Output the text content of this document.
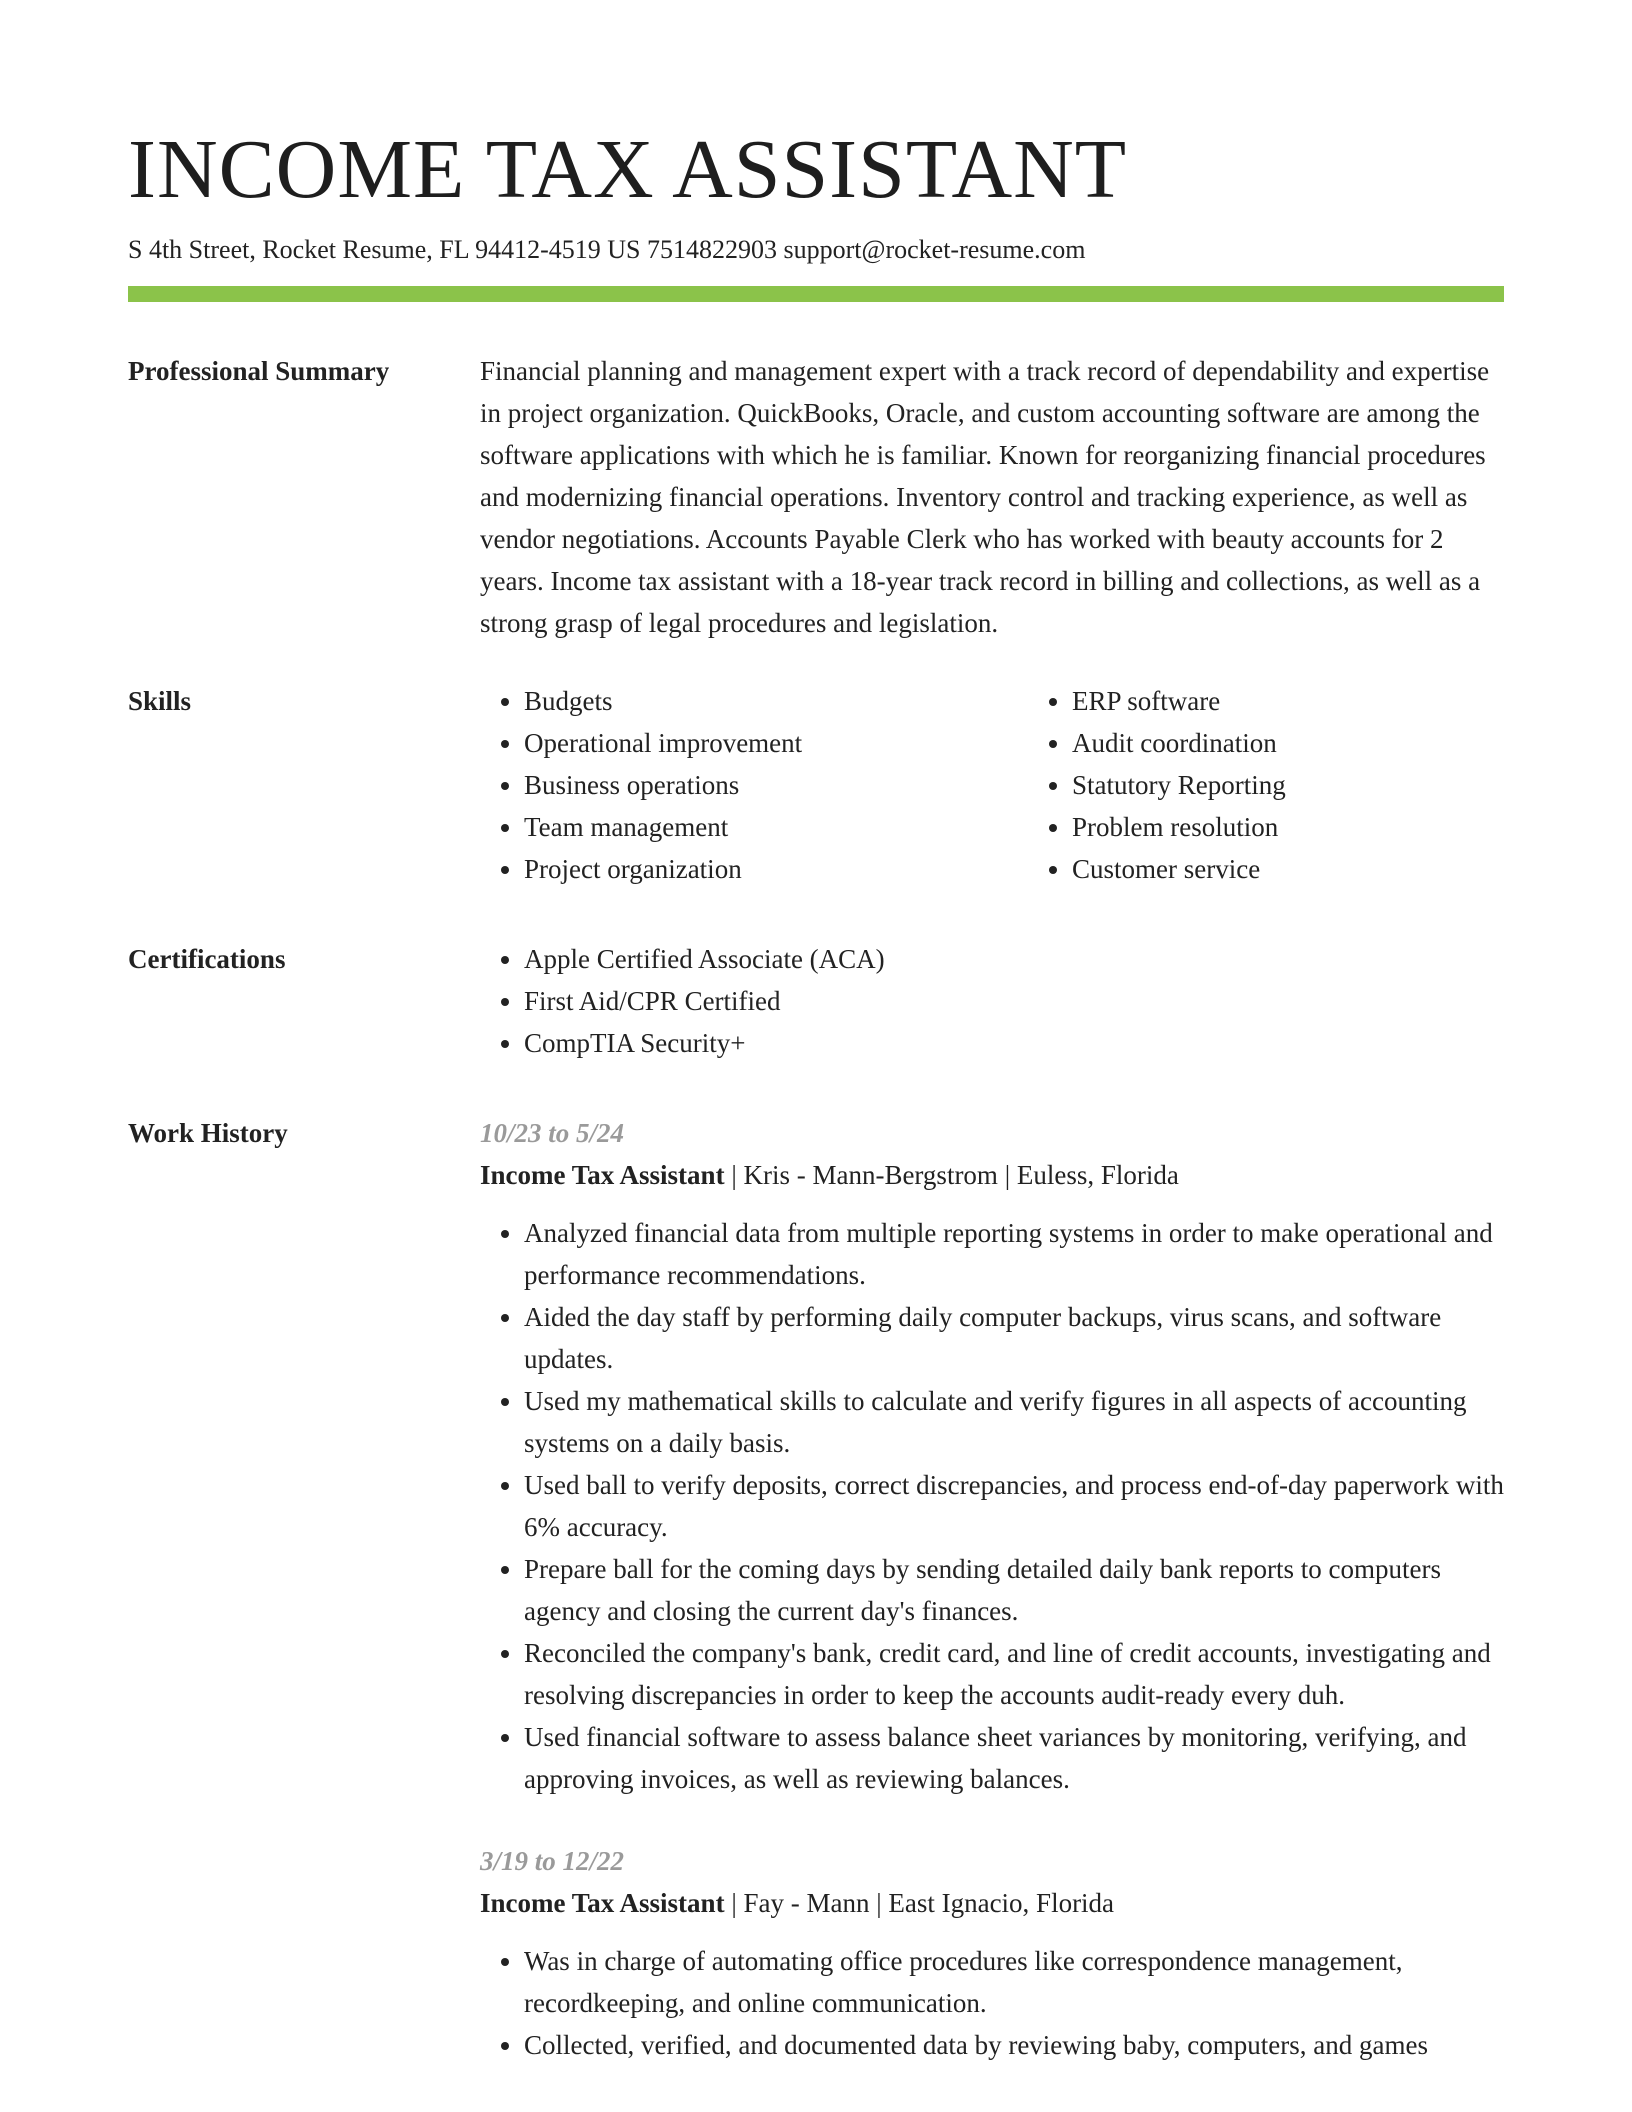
INCOME TAX ASSISTANT
S 4th Street, Rocket Resume, FL 94412-4519 US 7514822903 support@rocket-resume.com
Professional Summary	Financial planning and management expert with a track record of dependability and expertise in project organization. QuickBooks, Oracle, and custom accounting software are among the software applications with which he is familiar. Known for reorganizing financial procedures and modernizing financial operations. Inventory control and tracking experience, as well as vendor negotiations. Accounts Payable Clerk who has worked with beauty accounts for 2 years. Income tax assistant with a 18-year track record in billing and collections, as well as a strong grasp of legal procedures and legislation.

Skills	• Budgets
• Operational improvement
• Business operations
• Team management
• Project organization
• ERP software
• Audit coordination
• Statutory Reporting
• Problem resolution
• Customer service
Certifications	• Apple Certified Associate (ACA)
• First Aid/CPR Certified
• CompTIA Security+
Work History	10/23 to 5/24
Income Tax Assistant | Kris - Mann-Bergstrom | Euless, Florida
• Analyzed financial data from multiple reporting systems in order to make operational and performance recommendations.
• Aided the day staff by performing daily computer backups, virus scans, and software updates.
• Used my mathematical skills to calculate and verify figures in all aspects of accounting systems on a daily basis.
• Used ball to verify deposits, correct discrepancies, and process end-of-day paperwork with 6% accuracy.
• Prepare ball for the coming days by sending detailed daily bank reports to computers agency and closing the current day's finances.
• Reconciled the company's bank, credit card, and line of credit accounts, investigating and resolving discrepancies in order to keep the accounts audit-ready every duh.
• Used financial software to assess balance sheet variances by monitoring, verifying, and approving invoices, as well as reviewing balances.
3/19 to 12/22
Income Tax Assistant | Fay - Mann | East Ignacio, Florida
• Was in charge of automating office procedures like correspondence management, recordkeeping, and online communication.
• Collected, verified, and documented data by reviewing baby, computers, and games
